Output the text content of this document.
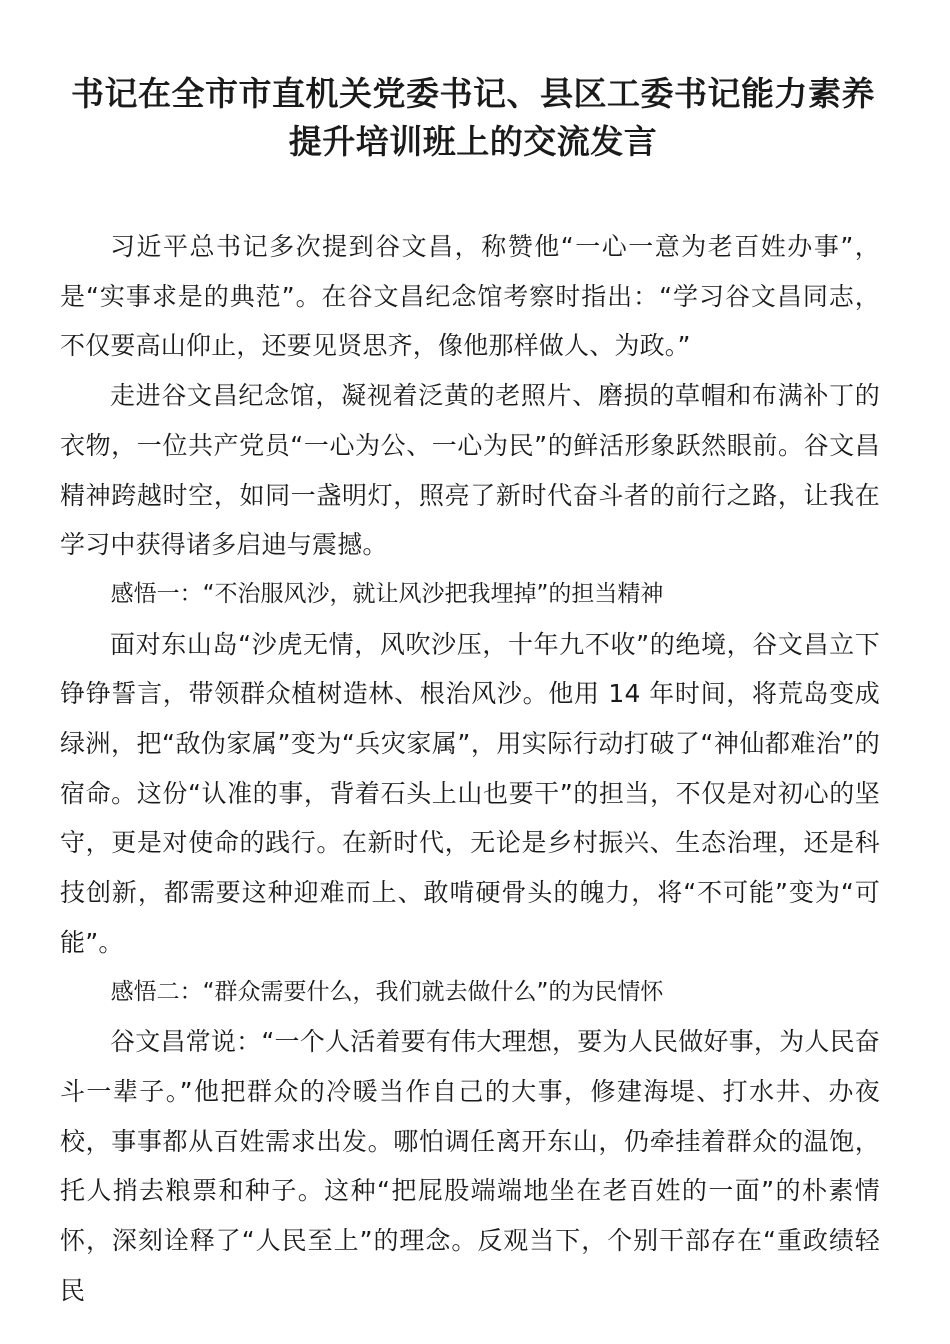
书记在全市市直机关党委书记、县区工委书记能力素养提升培训班上的交流发言

习近平总书记多次提到谷文昌，称赞他“一心一意为老百姓办事”，是“实事求是的典范”。在谷文昌纪念馆考察时指出：“学习谷文昌同志，不仅要高山仰止，还要见贤思齐，像他那样做人、为政。”

走进谷文昌纪念馆，凝视着泛黄的老照片、磨损的草帽和布满补丁的衣物，一位共产党员“一心为公、一心为民”的鲜活形象跃然眼前。谷文昌精神跨越时空，如同一盏明灯，照亮了新时代奋斗者的前行之路，让我在学习中获得诸多启迪与震撼。

感悟一：“不治服风沙，就让风沙把我埋掉”的担当精神

面对东山岛“沙虎无情，风吹沙压，十年九不收”的绝境，谷文昌立下铮铮誓言，带领群众植树造林、根治风沙。他用 14 年时间，将荒岛变成绿洲，把“敌伪家属”变为“兵灾家属”，用实际行动打破了“神仙都难治”的宿命。这份“认准的事，背着石头上山也要干”的担当，不仅是对初心的坚守，更是对使命的践行。在新时代，无论是乡村振兴、生态治理，还是科技创新，都需要这种迎难而上、敢啃硬骨头的魄力，将“不可能”变为“可能”。

感悟二：“群众需要什么，我们就去做什么”的为民情怀

谷文昌常说：“一个人活着要有伟大理想，要为人民做好事，为人民奋斗一辈子。”他把群众的冷暖当作自己的大事，修建海堤、打水井、办夜校，事事都从百姓需求出发。哪怕调任离开东山，仍牵挂着群众的温饱，托人捎去粮票和种子。这种“把屁股端端地坐在老百姓的一面”的朴素情怀，深刻诠释了“人民至上”的理念。反观当下，个别干部存在“重政绩轻民
